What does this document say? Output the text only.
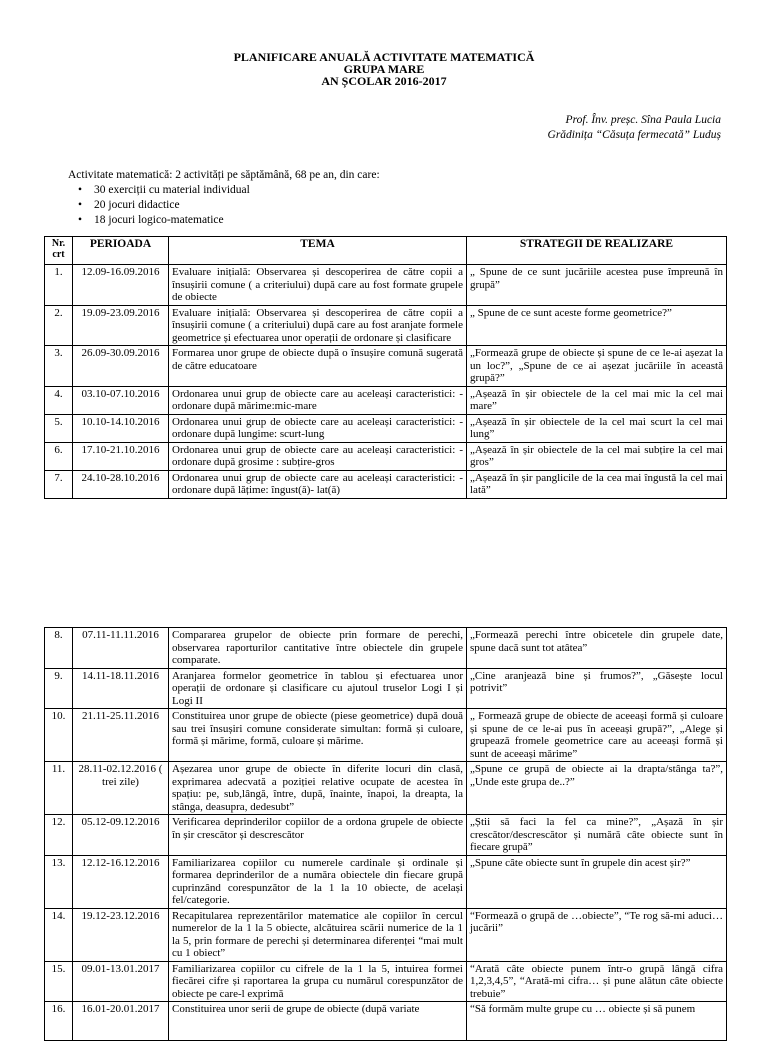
PLANIFICARE ANUALĂ ACTIVITATE MATEMATICĂ
GRUPA MARE
AN ȘCOLAR 2016-2017
Prof. Înv. preșc. Sîna Paula Lucia
Grădinița “Căsuța fermecată” Luduș
Activitate matematică: 2 activități pe săptămână, 68 pe an, din care:
• 30 exerciții cu material individual
• 20 jocuri didactice
• 18 jocuri logico-matematice
Nr. crt	PERIOADA	TEMA	STRATEGII DE REALIZARE
1.	12.09-16.09.2016	Evaluare inițială: Observarea și descoperirea de către copii a însușirii comune ( a criteriului) după care au fost formate grupele de obiecte	„ Spune de ce sunt jucăriile acestea puse împreună în grupă”
2.	19.09-23.09.2016	Evaluare inițială: Observarea și descoperirea de către copii a însușirii comune ( a criteriului) după care au fost aranjate formele geometrice și efectuarea unor operații de ordonare și clasificare	„ Spune de ce sunt aceste forme geometrice?”
3.	26.09-30.09.2016	Formarea unor grupe de obiecte după o însușire comună sugerată de către educatoare	„Formează grupe de obiecte și spune de ce le-ai așezat la un loc?”, „Spune de ce ai așezat jucăriile în această grupă?”
4.	03.10-07.10.2016	Ordonarea unui grup de obiecte care au aceleași caracteristici: -ordonare după mărime:mic-mare	„Așează în șir obiectele de la cel mai mic la cel mai mare”
5.	10.10-14.10.2016	Ordonarea unui grup de obiecte care au aceleași caracteristici: -ordonare după lungime: scurt-lung	„Așează în șir obiectele de la cel mai scurt la cel mai lung”
6.	17.10-21.10.2016	Ordonarea unui grup de obiecte care au aceleași caracteristici: -ordonare după grosime : subțire-gros	„Așează în șir obiectele de la cel mai subțire la cel mai gros”
7.	24.10-28.10.2016	Ordonarea unui grup de obiecte care au aceleași caracteristici: -ordonare după lățime: îngust(ă)- lat(ă)	„Așează în șir panglicile de la cea mai îngustă la cel mai lată”
8.	07.11-11.11.2016	Compararea grupelor de obiecte prin formare de perechi, observarea raporturilor cantitative între obiectele din grupele comparate.	„Formează perechi între obicetele din grupele date, spune dacă sunt tot atâtea”
9.	14.11-18.11.2016	Aranjarea formelor geometrice în tablou și efectuarea unor operații de ordonare și clasificare cu ajutoul truselor Logi I și Logi II	„Cine aranjează bine și frumos?”, „Găsește locul potrivit”
10.	21.11-25.11.2016	Constituirea unor grupe de obiecte (piese geometrice) după două sau trei însușiri comune considerate simultan: formă și culoare, formă și mărime, formă, culoare și mărime.	„ Formează grupe de obiecte de aceeași formă și culoare și spune de ce le-ai pus în aceeași grupă?”, „Alege și grupează fromele geometrice care au aceeași formă și sunt de aceeași mărime”
11.	28.11-02.12.2016 ( trei zile)	Așezarea unor grupe de obiecte în diferite locuri din clasă, exprimarea adecvată a poziției relative ocupate de acestea în spațiu: pe, sub,lângă, între, după, înainte, înapoi, la dreapta, la stânga, deasupra, dedesubt”	„Spune ce grupă de obiecte ai la drapta/stânga ta?”, „Unde este grupa de..?”
12.	05.12-09.12.2016	Verificarea deprinderilor copiilor de a ordona grupele de obiecte în șir crescător și descrescător	„Știi să faci la fel ca mine?”, „Așază în șir crescător/descrescător și numără câte obiecte sunt în fiecare grupă”
13.	12.12-16.12.2016	Familiarizarea copiilor cu numerele cardinale și ordinale și formarea deprinderilor de a număra obiectele din fiecare grupă cuprinzând corespunzător de la 1 la 10 obiecte, de același fel/categorie.	„Spune câte obiecte sunt în grupele din acest șir?”
14.	19.12-23.12.2016	Recapitularea reprezentărilor matematice ale copiilor în cercul numerelor de la 1 la 5 obiecte, alcătuirea scării numerice de la 1 la 5, prin formare de perechi și determinarea diferenței “mai mult cu 1 obiect”	“Formează o grupă de …obiecte”, “Te rog să-mi aduci… jucării”
15.	09.01-13.01.2017	Familiarizarea copiilor cu cifrele de la 1 la 5, intuirea formei fiecărei cifre și raportarea la grupa cu numărul corespunzător de obiecte pe care-l exprimă	“Arată câte obiecte punem într-o grupă lângă cifra 1,2,3,4,5”, “Arată-mi cifra… și pune alătun câte obiecte trebuie”
16.	16.01-20.01.2017	Constituirea unor serii de grupe de obiecte (după variate	“Să formăm multe grupe cu … obiecte și să punem
